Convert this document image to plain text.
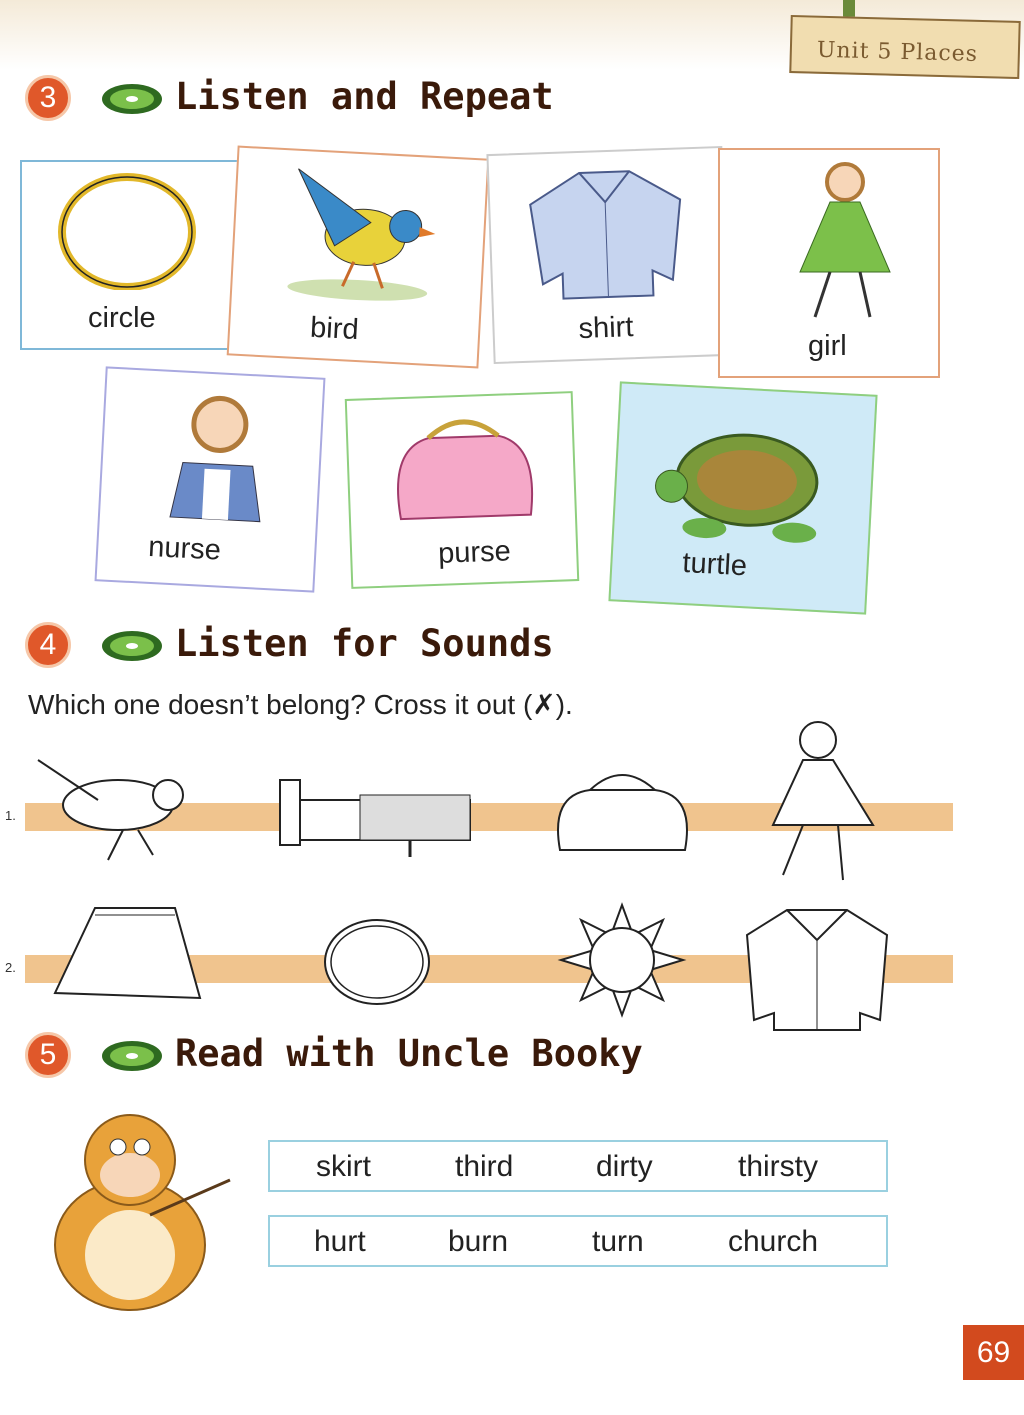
Unit 5 Places
3	Listen and Repeat
circle	bird	shirt
girl
nurse	purse	turtle
4	Listen for Sounds
Which one doesn’t belong? Cross it out (✗).
1.
2.
5	Read with Uncle Booky
skirt	third	dirty	thirsty
hurt	burn	turn	church
69
